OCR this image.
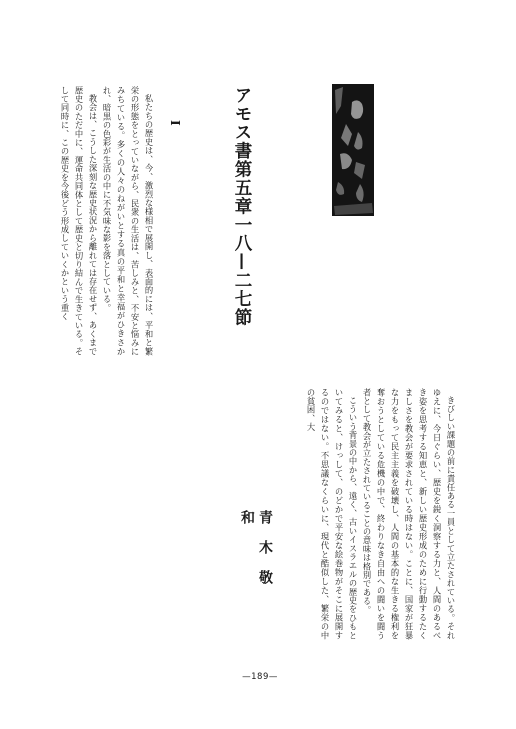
アモス書第五章一八—二七節
I
青木敬和

私たちの歴史は、今、激烈な様相で展開し、表面的には、平和と繁栄の形態をとっていながら、民衆の生活は、苦しみと、不安と悩みにみちている。多くの人々のねがいとする真の平和と幸福がひきさかれ、暗黒の色彩が生活の中に不気味な影を落としている。

教会は、こうした深刻な歴史状況から離れては存在せず、あくまで歴史のただ中に、運命共同体として歴史と切り結んで生きている。そして同時に、この歴史を今後どう形成していくかという重く

きびしい課題の前に責任ある一員として立たされている。それゆえに、今日ぐらい、歴史を鋭く洞察する力と、人間のあるべき姿を思考する知恵と、新しい歴史形成のために行動するたくましさを教会が要求されている時はない。ことに、国家が狂暴な力をもって民主主義を破壊し、人間の基本的な生きる権利を奪おうとしている危機の中で、終わりなき自由への闘いを闘う者として教会が立たされていることの意味は格別である。

こういう背景の中から、遠く、古いイスラエルの歴史をひもといてみると、けっして、のどかで平安な絵巻物がそこに展開するのではない。不思議なくらいに、現代と酷似した、繁栄の中の貧困、大

—189—
